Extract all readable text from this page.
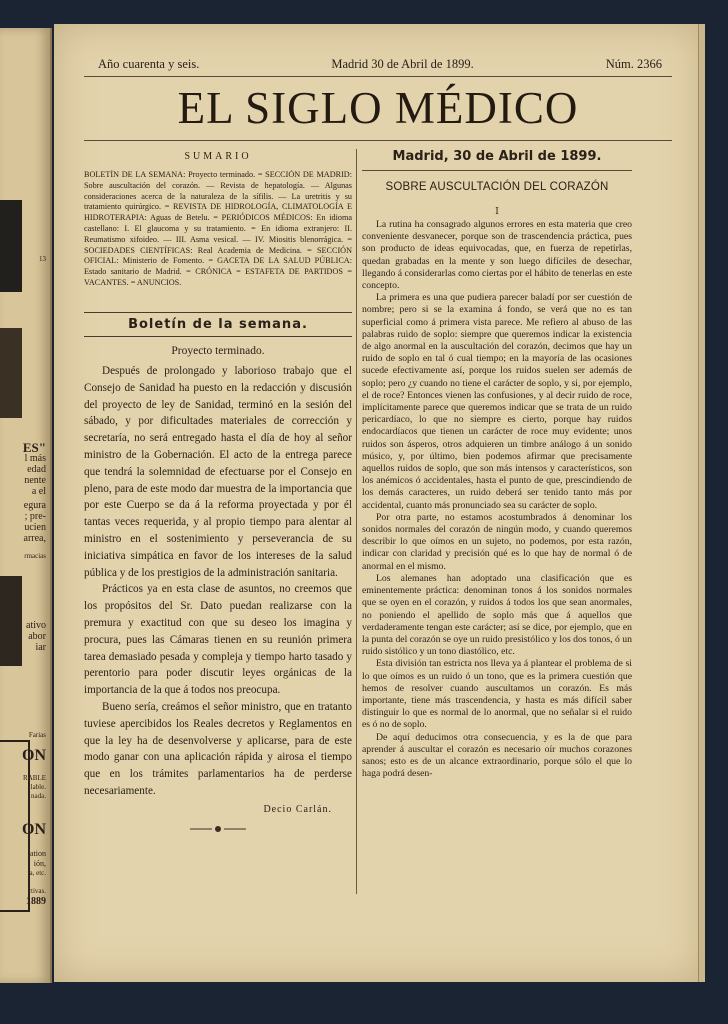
13
ES"
l más
edad
nente
a el
egura
; pre-
ucien
arrea,
rmacias
ativo
abor
iar
Farias
ON
RABLE
ilable.
nada.
ON
ation
ión,
ia, etc.
ctivas.
1889
Año cuarenta y seis.	Madrid 30 de Abril de 1899.	Núm. 2366
EL SIGLO MÉDICO
SUMARIO
BOLETÍN DE LA SEMANA: Proyecto terminado. = SECCIÓN DE MADRID: Sobre auscultación del corazón. — Revista de hepatología. — Algunas consideraciones acerca de la naturaleza de la sífilis. — La uretritis y su tratamiento quirúrgico. = REVISTA DE HIDROLOGÍA, CLIMATOLOGÍA E HIDROTERAPIA: Aguas de Betelu. = PERIÓDICOS MÉDICOS: En idioma castellano: I. El glaucoma y su tratamiento. = En idioma extranjero: II. Reumatismo xifoideo. — III. Asma vesical. — IV. Miositis blenorrágica. = SOCIEDADES CIENTÍFICAS: Real Academia de Medicina. = SECCIÓN OFICIAL: Ministerio de Fomento. = GACETA DE LA SALUD PÚBLICA: Estado sanitario de Madrid. = CRÓNICA = ESTAFETA DE PARTIDOS = VACANTES. = ANUNCIOS.
Boletín de la semana.
Proyecto terminado.

Después de prolongado y laborioso trabajo que el Consejo de Sanidad ha puesto en la redacción y discusión del proyecto de ley de Sanidad, terminó en la sesión del sábado, y por dificultades materiales de corrección y secretaría, no será entregado hasta el día de hoy al señor ministro de la Gobernación. El acto de la entrega parece que tendrá la solemnidad de efectuarse por el Consejo en pleno, para de este modo dar muestra de la importancia que por este Cuerpo se da á la reforma proyectada y por él tantas veces requerida, y al propio tiempo para alentar al ministro en el sostenimiento y perseverancia de su iniciativa simpática en favor de los intereses de la salud pública y de los prestigios de la administración sanitaria.

Prácticos ya en esta clase de asuntos, no creemos que los propósitos del Sr. Dato puedan realizarse con la premura y exactitud con que su deseo los imagina y procura, pues las Cámaras tienen en su reunión primera tarea demasiado pesada y compleja y tiempo harto tasado y perentorio para poder discutir leyes orgánicas de la importancia de la que á todos nos preocupa.

Bueno sería, creámos el señor ministro, que en tratanto tuviese apercibidos los Reales decretos y Reglamentos en que la ley ha de desenvolverse y aplicarse, para de este modo ganar con una aplicación rápida y airosa el tiempo que en los trámites parlamentarios ha de perderse necesariamente.

Decio Carlán.
Madrid, 30 de Abril de 1899.
SOBRE AUSCULTACIÓN DEL CORAZÓN
I

La rutina ha consagrado algunos errores en esta materia que creo conveniente desvanecer, porque son de trascendencia práctica, pues son producto de ideas equivocadas, que, en fuerza de repetirlas, quedan grabadas en la mente y son luego difíciles de desechar, llegando á considerarlas como ciertas por el hábito de tenerlas en este concepto.

La primera es una que pudiera parecer baladí por ser cuestión de nombre; pero si se la examina á fondo, se verá que no es tan superficial como á primera vista parece. Me refiero al abuso de las palabras ruido de soplo: siempre que queremos indicar la existencia de algo anormal en la auscultación del corazón, decimos que hay un ruido de soplo en tal ó cual tiempo; en la mayoría de las ocasiones sucede efectivamente así, porque los ruidos suelen ser además de soplo; pero ¿y cuando no tiene el carácter de soplo, y si, por ejemplo, el de roce? Entonces vienen las confusiones, y al decir ruido de roce, implícitamente parece que queremos indicar que se trata de un ruido pericardíaco, lo que no siempre es cierto, porque hay ruidos endocardíacos que tienen un carácter de roce muy evidente; unos ruidos son ásperos, otros adquieren un timbre análogo á un sonido músico, y, por último, bien podemos afirmar que precisamente aquellos ruidos de soplo, que son más intensos y característicos, son los anémicos ó accidentales, hasta el punto de que, prescindiendo de los demás caracteres, un ruido deberá ser tenido tanto más por accidental, cuanto más pronunciado sea su carácter de soplo.

Por otra parte, no estamos acostumbrados á denominar los sonidos normales del corazón de ningún modo, y cuando queremos describir lo que oímos en un sujeto, no podemos, por esta razón, indicar con claridad y precisión qué es lo que hay de normal ó de anormal en el mismo.

Los alemanes han adoptado una clasificación que es eminentemente práctica: denominan tonos á los sonidos normales que se oyen en el corazón, y ruidos á todos los que sean anormales, no poniendo el apellido de soplo más que á aquellos que verdaderamente tengan este carácter; así se dice, por ejemplo, que en la punta del corazón se oye un ruido presistólico y los dos tonos, ó un ruido sistólico y un tono diastólico, etc.

Esta división tan estricta nos lleva ya á plantear el problema de si lo que oímos es un ruido ó un tono, que es la primera cuestión que hemos de resolver cuando auscultamos un corazón. Es más importante, tiene más trascendencia, y hasta es más difícil saber distinguir lo que es normal de lo anormal, que no señalar si el ruido es ó no de soplo.

De aquí deducimos otra consecuencia, y es la de que para aprender á auscultar el corazón es necesario oír muchos corazones sanos; esto es de un alcance extraordinario, porque sólo el que lo haga podrá desen-
